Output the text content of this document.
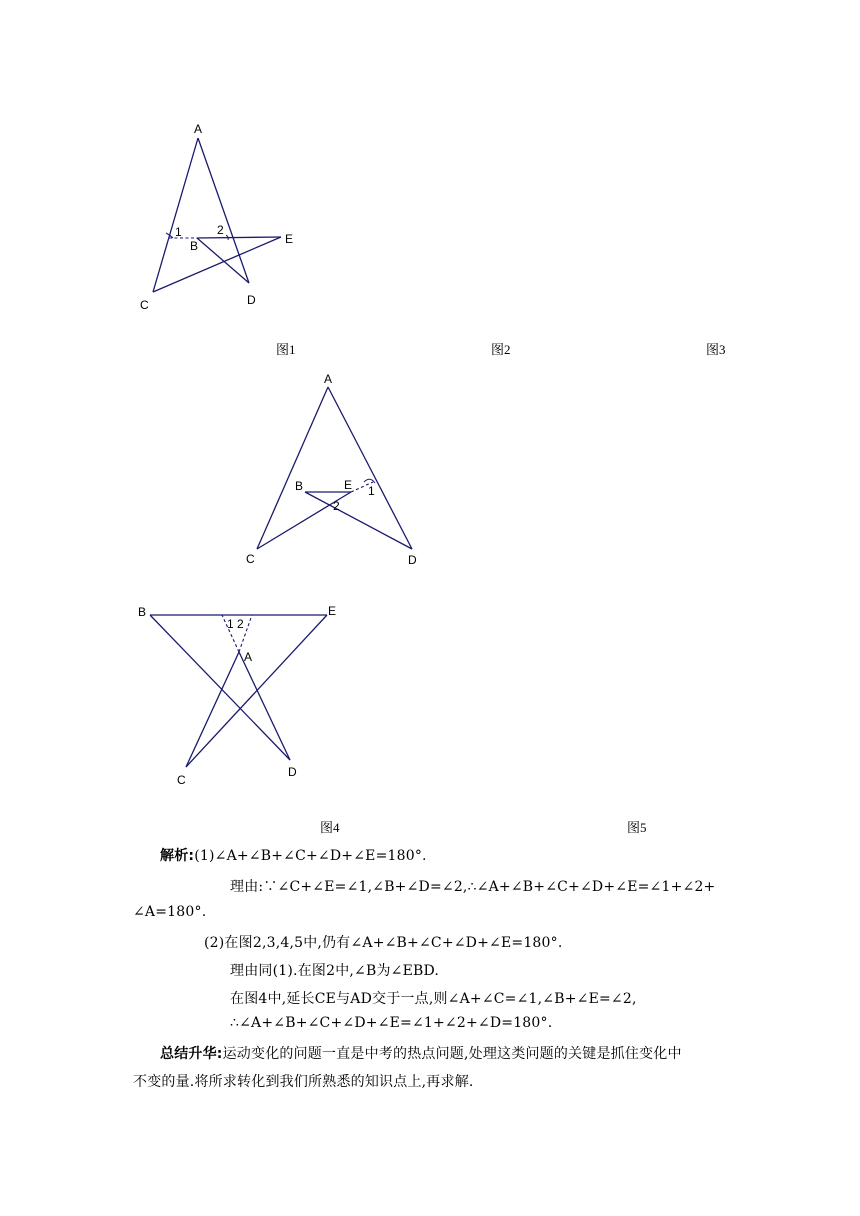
A
1	2
B	E
C	D
图1	图2	图3
A
B	E 1
2
C	D
B	E
1 2
A
C
D
图4	图5
解析:(1)∠A+∠B+∠C+∠D+∠E=180°.
理由:∵∠C+∠E=∠1,∠B+∠D=∠2,∴∠A+∠B+∠C+∠D+∠E=∠1+∠2+
∠A=180°.
(2)在图2,3,4,5中,仍有∠A+∠B+∠C+∠D+∠E=180°.
理由同(1).在图2中,∠B为∠EBD.
在图4中,延长CE与AD交于一点,则∠A+∠C=∠1,∠B+∠E=∠2,
∴∠A+∠B+∠C+∠D+∠E=∠1+∠2+∠D=180°.
总结升华:运动变化的问题一直是中考的热点问题,处理这类问题的关键是抓住变化中
不变的量.将所求转化到我们所熟悉的知识点上,再求解.
